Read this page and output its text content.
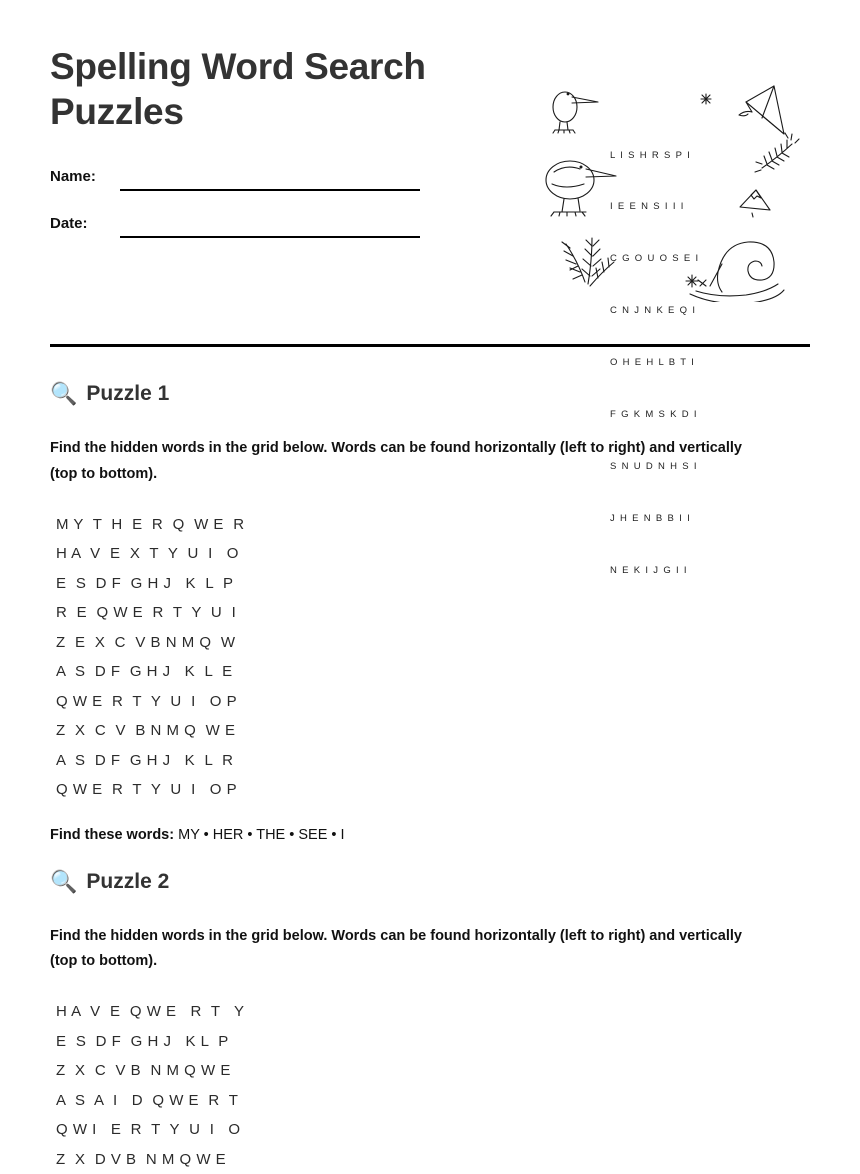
Spelling Word Search Puzzles
Name:
Date:

L  I  S  H  R  S  P  I

I  E  E  N  S  I  I  I

C  G  O  U  O  S  E  I

C  N  J  N  K  E  Q  I

O  H  E  H  L  B  T  I

F  G  K  M  S  K  D  I

S  N  U  D  N  H  S  I

J  H  E  N  B  B  I  I

N  E  K  I  J  G  I  I

🔍 Puzzle 1

Find the hidden words in the grid below. Words can be found horizontally (left to right) and vertically (top to bottom).

M Y  T  H  E  R  Q  W E  R
H A  V  E  X  T  Y  U  I   O
E  S  D F  G H J   K  L  P
R  E  Q W E  R  T  Y  U  I
Z  E  X  C  V B N M Q  W
A  S  D F  G H J   K  L  E
Q W E  R  T  Y  U  I   O P
Z  X  C  V  B N M Q  W E
A  S  D F  G H J   K  L  R
Q W E  R  T  Y  U  I   O P

Find these words: MY • HER • THE • SEE • I

🔍 Puzzle 2

Find the hidden words in the grid below. Words can be found horizontally (left to right) and vertically (top to bottom).

H A  V  E  Q W E   R  T   Y
E  S  D F  G H J   K L  P
Z  X  C  V B  N M Q W E
A  S  A  I   D  Q W E  R  T
Q W I   E  R  T  Y  U  I   O
Z  X  D V B  N M Q W E
